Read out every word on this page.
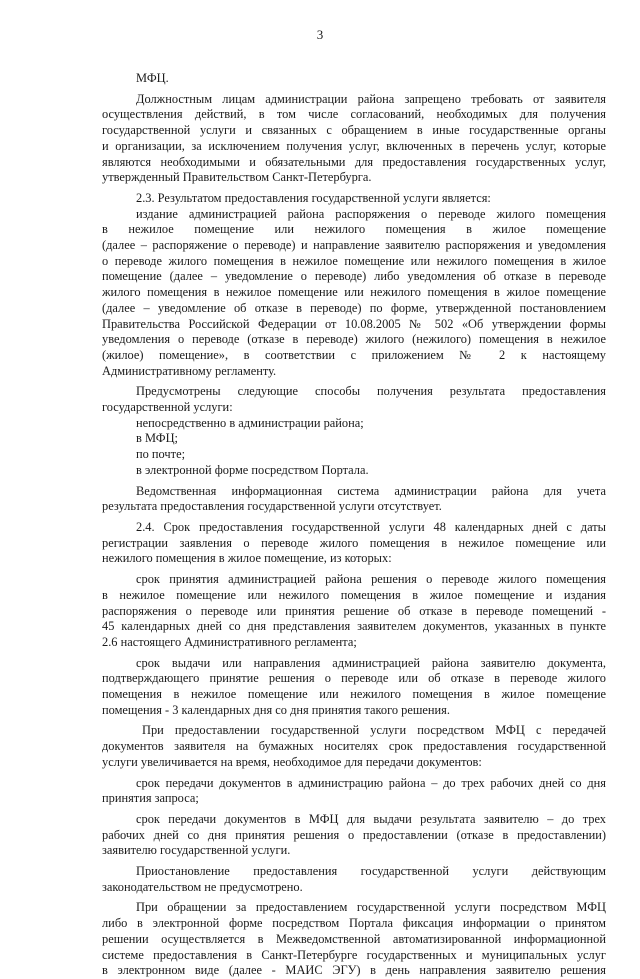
3
МФЦ.
Должностным лицам администрации района запрещено требовать от заявителя
осуществления действий, в том числе согласований, необходимых для получения
государственной услуги и связанных с обращением в иные государственные органы
и организации, за исключением получения услуг, включенных в перечень услуг, которые
являются необходимыми и обязательными для предоставления государственных услуг,
утвержденный Правительством Санкт-Петербурга.
2.3. Результатом предоставления государственной услуги является:
издание администрацией района распоряжения о переводе жилого помещения
в нежилое помещение или нежилого помещения в жилое помещение
(далее – распоряжение о переводе) и направление заявителю распоряжения и уведомления
о переводе жилого помещения в нежилое помещение или нежилого помещения в жилое
помещение (далее – уведомление о переводе) либо уведомления об отказе в переводе
жилого помещения в нежилое помещение или нежилого помещения в жилое помещение
(далее – уведомление об отказе в переводе) по форме, утвержденной постановлением
Правительства Российской Федерации от 10.08.2005 № 502 «Об утверждении формы
уведомления о переводе (отказе в переводе) жилого (нежилого) помещения в нежилое
(жилое) помещение», в соответствии с приложением № 2 к настоящему
Административному регламенту.
Предусмотрены следующие способы получения результата предоставления
государственной услуги:
непосредственно в администрации района;
в МФЦ;
по почте;
в электронной форме посредством Портала.
Ведомственная информационная система администрации района для учета
результата предоставления государственной услуги отсутствует.
2.4. Срок предоставления государственной услуги 48 календарных дней с даты
регистрации заявления о переводе жилого помещения в нежилое помещение или
нежилого помещения в жилое помещение, из которых:
срок принятия администрацией района решения о переводе жилого помещения
в нежилое помещение или нежилого помещения в жилое помещение и издания
распоряжения о переводе или принятия решение об отказе в переводе помещений -
45 календарных дней со дня представления заявителем документов, указанных в пункте
2.6 настоящего Административного регламента;
срок выдачи или направления администрацией района заявителю документа,
подтверждающего принятие решения о переводе или об отказе в переводе жилого
помещения в нежилое помещение или нежилого помещения в жилое помещение
помещения - 3 календарных дня со дня принятия такого решения.
При предоставлении государственной услуги посредством МФЦ с передачей
документов заявителя на бумажных носителях срок предоставления государственной
услуги увеличивается на время, необходимое для передачи документов:
срок передачи документов в администрацию района – до трех рабочих дней со дня
принятия запроса;
срок передачи документов в МФЦ для выдачи результата заявителю – до трех
рабочих дней со дня принятия решения о предоставлении (отказе в предоставлении)
заявителю государственной услуги.
Приостановление предоставления государственной услуги действующим
законодательством не предусмотрено.
При обращении за предоставлением государственной услуги посредством МФЦ
либо в электронной форме посредством Портала фиксация информации о принятом
решении осуществляется в Межведомственной автоматизированной информационной
системе предоставления в Санкт-Петербурге государственных и муниципальных услуг
в электронном виде (далее - МАИС ЭГУ) в день направления заявителю решения
